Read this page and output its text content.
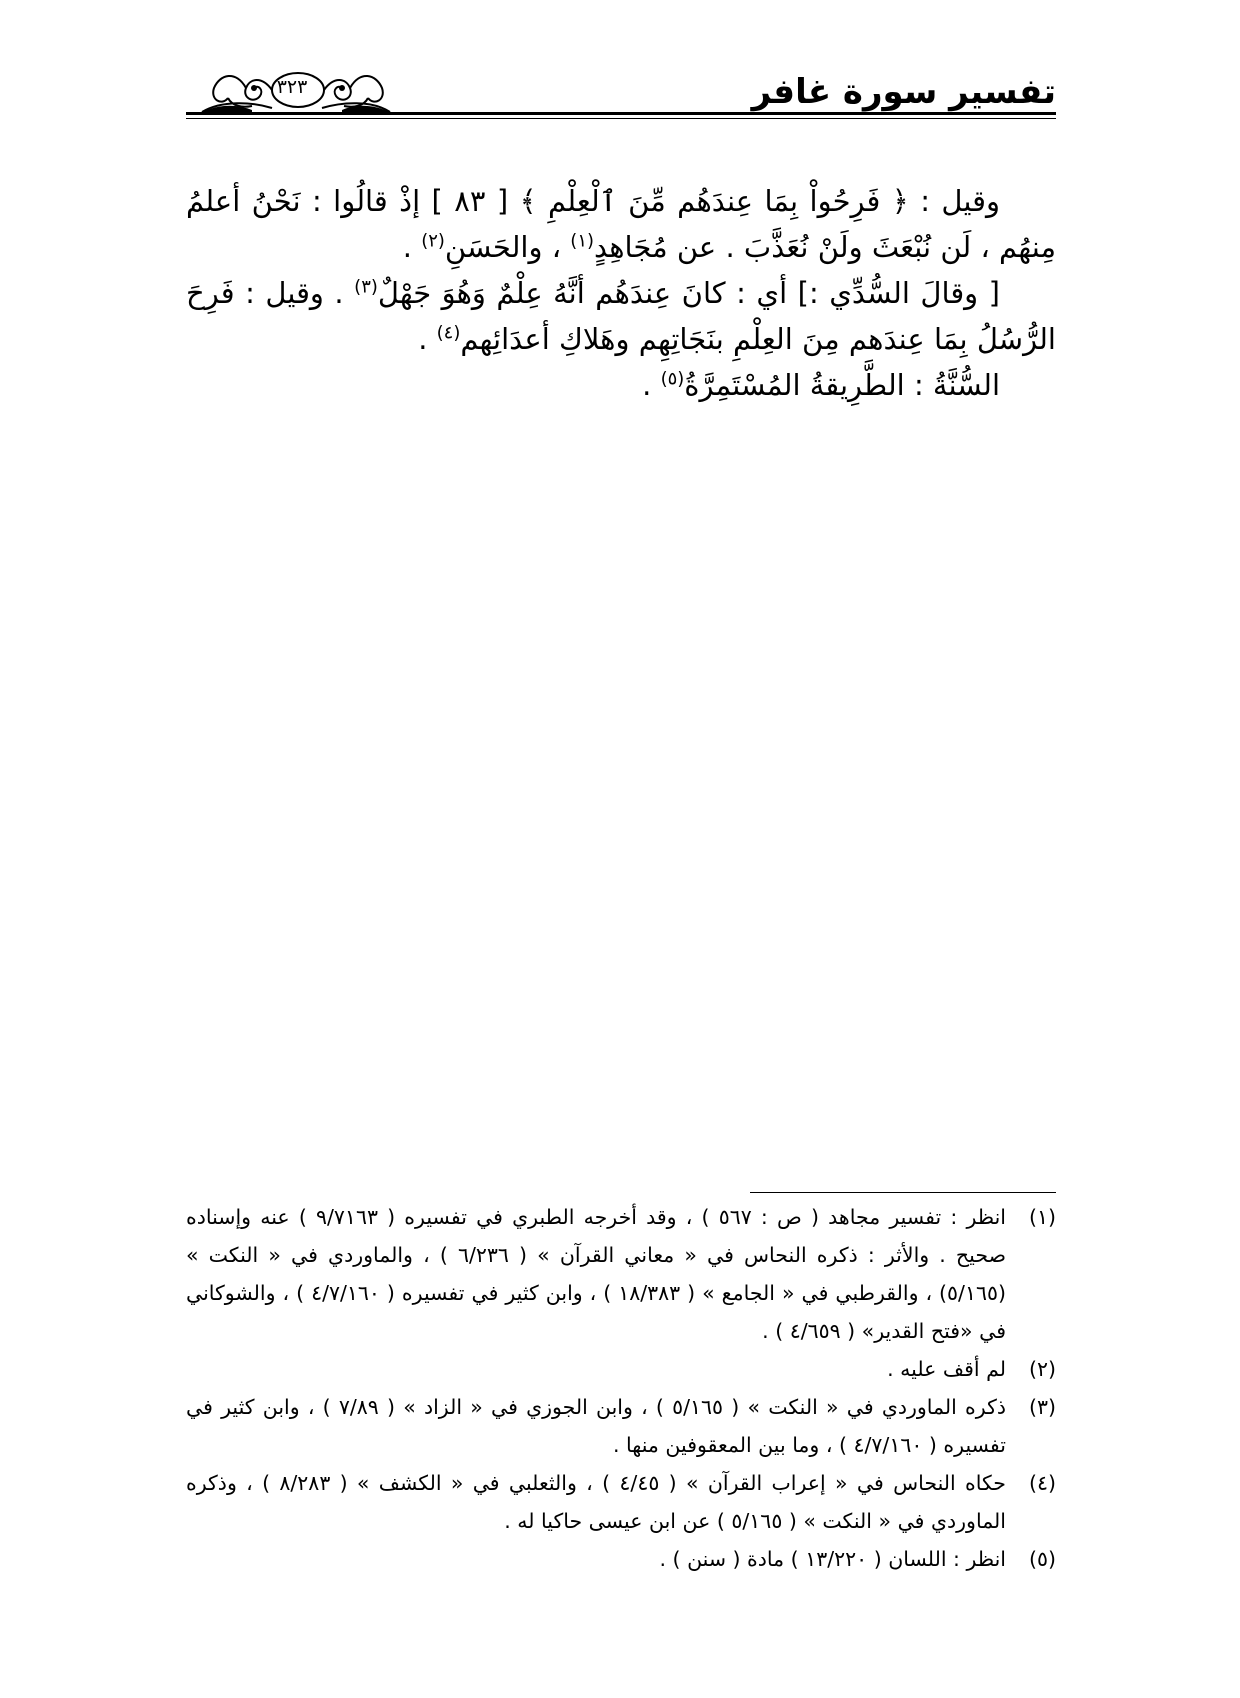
٣٢٣	تفسير سورة غافر

وقيل : ﴿ فَرِحُواْ بِمَا عِندَهُم مِّنَ ٱلْعِلْمِ ﴾ [ ٨٣ ] إذْ قالُوا : نَحْنُ أعلمُ مِنهُم ، لَن نُبْعَثَ ولَنْ نُعَذَّبَ . عن مُجَاهِدٍ$^{(١)}$ ، والحَسَنِ$^{(٢)}$ .

[ وقالَ السُّدِّي :] أي : كانَ عِندَهُم أنَّهُ عِلْمٌ وَهُوَ جَهْلٌ$^{(٣)}$ . وقيل : فَرِحَ الرُّسُلُ بِمَا عِندَهم مِنَ العِلْمِ بنَجَاتِهِم وهَلاكِ أعدَائِهم$^{(٤)}$ .

السُّنَّةُ : الطَّرِيقةُ المُسْتَمِرَّةُ$^{(٥)}$ .

(١)
انظر : تفسير مجاهد ( ص : ٥٦٧ ) ، وقد أخرجه الطبري في تفسيره ( ٩/٧١٦٣ ) عنه وإسناده صحيح . والأثر : ذكره النحاس في « معاني القرآن » ( ٦/٢٣٦ ) ، والماوردي في « النكت » (٥/١٦٥) ، والقرطبي في « الجامع » ( ١٨/٣٨٣ ) ، وابن كثير في تفسيره ( ٤/٧/١٦٠ ) ، والشوكاني في «فتح القدير» ( ٤/٦٥٩ ) .
(٢)
لم أقف عليه .
(٣)
ذكره الماوردي في « النكت » ( ٥/١٦٥ ) ، وابن الجوزي في « الزاد » ( ٧/٨٩ ) ، وابن كثير في تفسيره ( ٤/٧/١٦٠ ) ، وما بين المعقوفين منها .
(٤)
حكاه النحاس في « إعراب القرآن » ( ٤/٤٥ ) ، والثعلبي في « الكشف » ( ٨/٢٨٣ ) ، وذكره الماوردي في « النكت » ( ٥/١٦٥ ) عن ابن عيسى حاكيا له .
(٥)
انظر : اللسان ( ١٣/٢٢٠ ) مادة ( سنن ) .
